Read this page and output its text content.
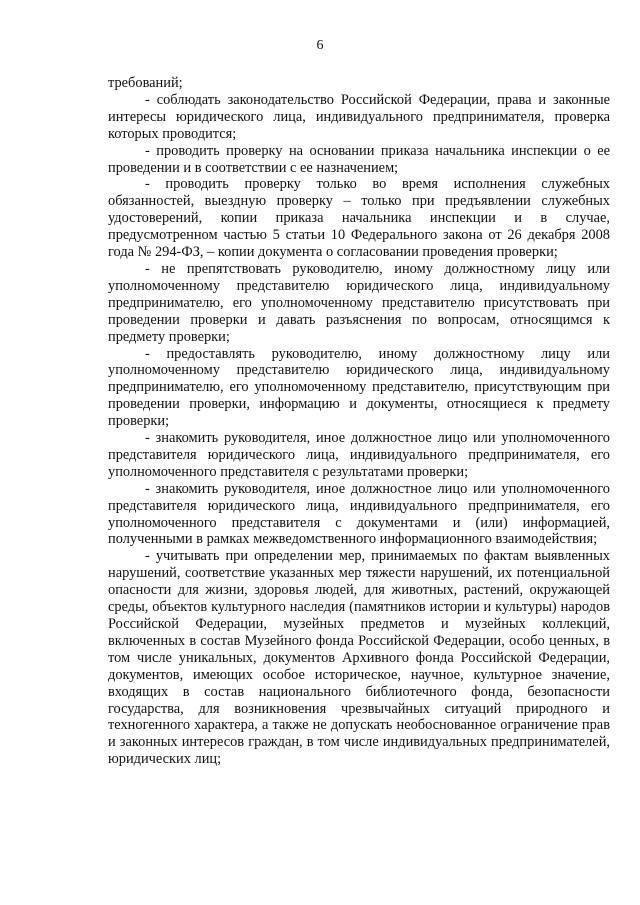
6

требований;

- соблюдать законодательство Российской Федерации, права и законные интересы юридического лица, индивидуального предпринимателя, проверка которых проводится;

- проводить проверку на основании приказа начальника инспекции о ее проведении и в соответствии с ее назначением;

- проводить проверку только во время исполнения служебных обязанностей, выездную проверку – только при предъявлении служебных удостоверений, копии приказа начальника инспекции и в случае, предусмотренном частью 5 статьи 10 Федерального закона от 26 декабря 2008 года № 294-ФЗ, – копии документа о согласовании проведения проверки;

- не препятствовать руководителю, иному должностному лицу или уполномоченному представителю юридического лица, индивидуальному предпринимателю, его уполномоченному представителю присутствовать при проведении проверки и давать разъяснения по вопросам, относящимся к предмету проверки;

- предоставлять руководителю, иному должностному лицу или уполномоченному представителю юридического лица, индивидуальному предпринимателю, его уполномоченному представителю, присутствующим при проведении проверки, информацию и документы, относящиеся к предмету проверки;

- знакомить руководителя, иное должностное лицо или уполномоченного представителя юридического лица, индивидуального предпринимателя, его уполномоченного представителя с результатами проверки;

- знакомить руководителя, иное должностное лицо или уполномоченного представителя юридического лица, индивидуального предпринимателя, его уполномоченного представителя с документами и (или) информацией, полученными в рамках межведомственного информационного взаимодействия;

- учитывать при определении мер, принимаемых по фактам выявленных нарушений, соответствие указанных мер тяжести нарушений, их потенциальной опасности для жизни, здоровья людей, для животных, растений, окружающей среды, объектов культурного наследия (памятников истории и культуры) народов Российской Федерации, музейных предметов и музейных коллекций, включенных в состав Музейного фонда Российской Федерации, особо ценных, в том числе уникальных, документов Архивного фонда Российской Федерации, документов, имеющих особое историческое, научное, культурное значение, входящих в состав национального библиотечного фонда, безопасности государства, для возникновения чрезвычайных ситуаций природного и техногенного характера, а также не допускать необоснованное ограничение прав и законных интересов граждан, в том числе индивидуальных предпринимателей, юридических лиц;
